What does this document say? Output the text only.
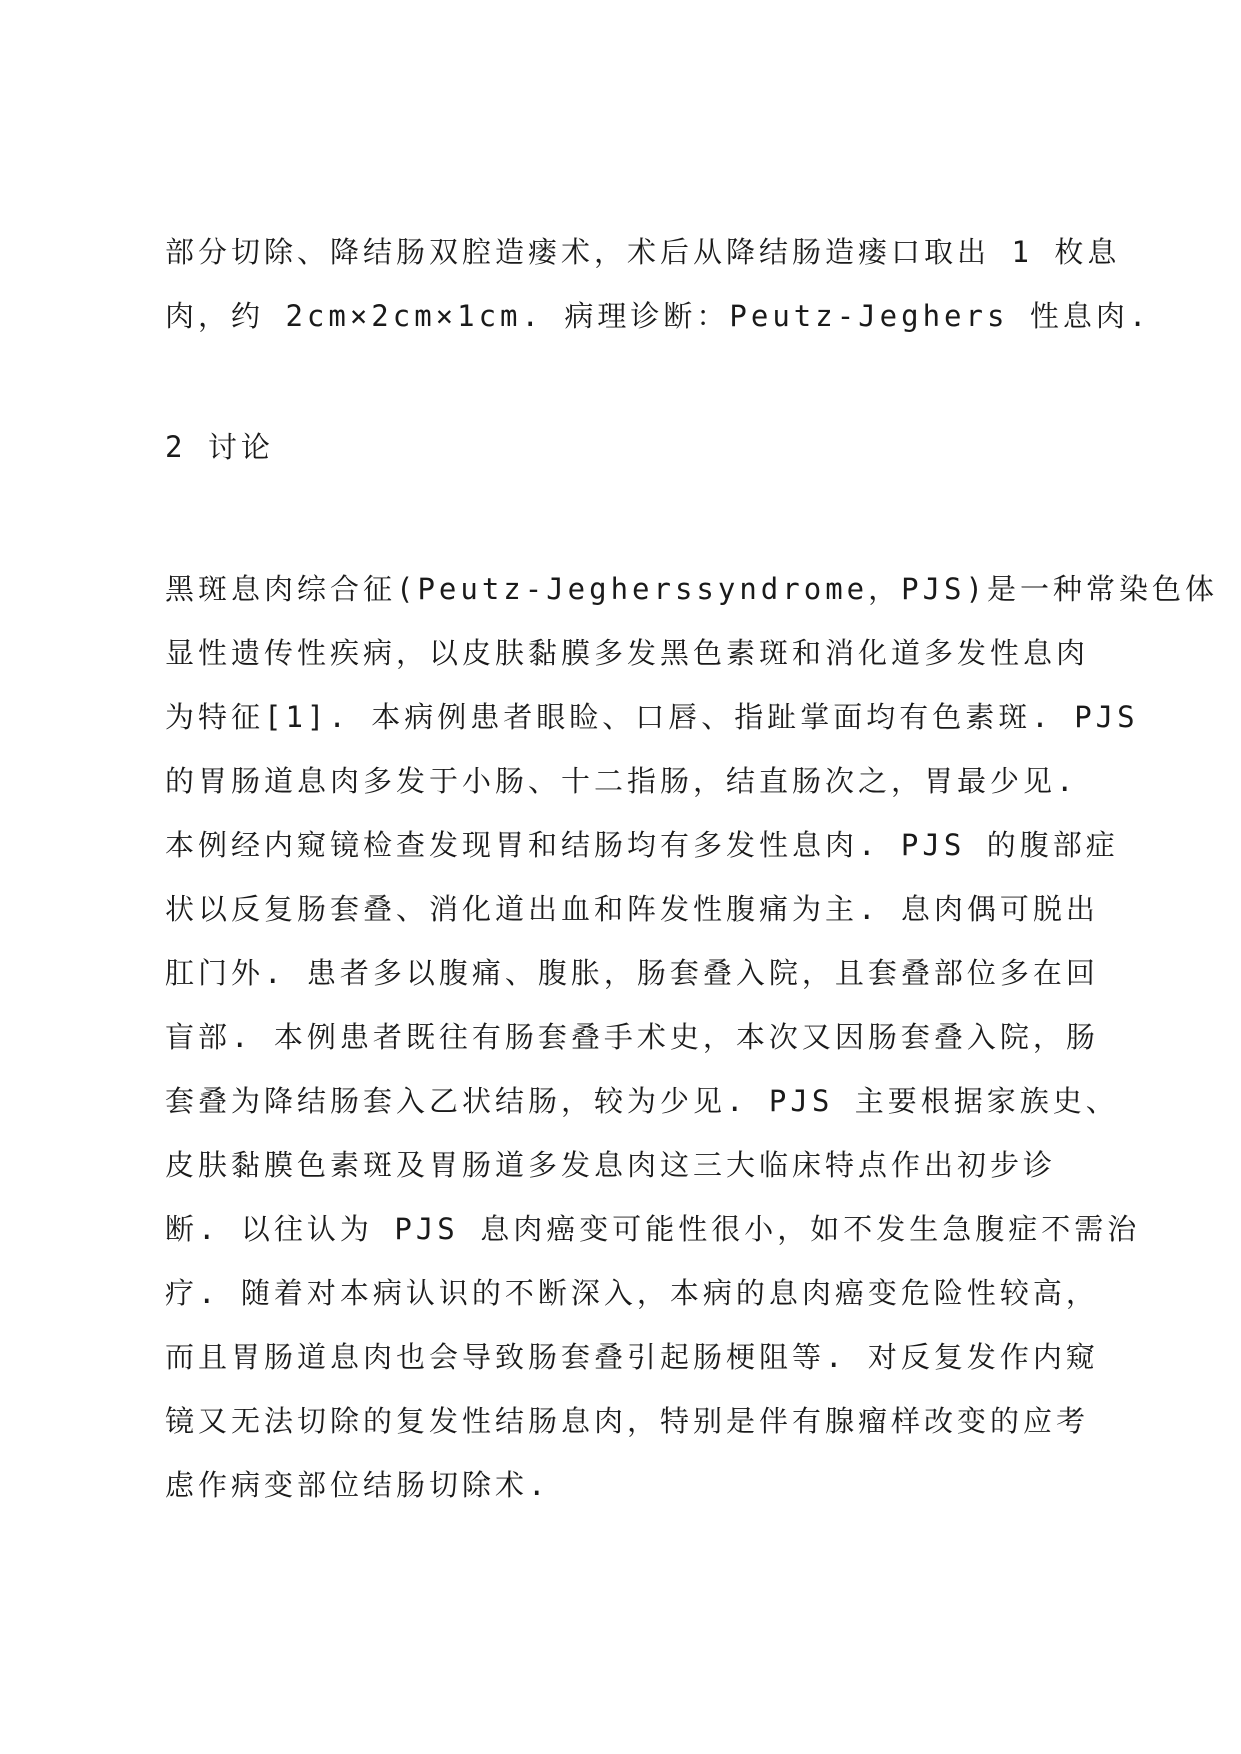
部分切除、降结肠双腔造瘘术，术后从降结肠造瘘口取出 1 枚息
肉，约 2cm×2cm×1cm. 病理诊断：Peutz-Jeghers 性息肉.

2 讨论

黑斑息肉综合征(Peutz-Jegherssyndrome，PJS)是一种常染色体
显性遗传性疾病，以皮肤黏膜多发黑色素斑和消化道多发性息肉
为特征[1]. 本病例患者眼睑、口唇、指趾掌面均有色素斑. PJS
的胃肠道息肉多发于小肠、十二指肠，结直肠次之，胃最少见.
本例经内窥镜检查发现胃和结肠均有多发性息肉. PJS 的腹部症
状以反复肠套叠、消化道出血和阵发性腹痛为主. 息肉偶可脱出
肛门外. 患者多以腹痛、腹胀，肠套叠入院，且套叠部位多在回
盲部. 本例患者既往有肠套叠手术史，本次又因肠套叠入院，肠
套叠为降结肠套入乙状结肠，较为少见. PJS 主要根据家族史、
皮肤黏膜色素斑及胃肠道多发息肉这三大临床特点作出初步诊
断. 以往认为 PJS 息肉癌变可能性很小，如不发生急腹症不需治
疗. 随着对本病认识的不断深入，本病的息肉癌变危险性较高，
而且胃肠道息肉也会导致肠套叠引起肠梗阻等. 对反复发作内窥
镜又无法切除的复发性结肠息肉，特别是伴有腺瘤样改变的应考
虑作病变部位结肠切除术.
